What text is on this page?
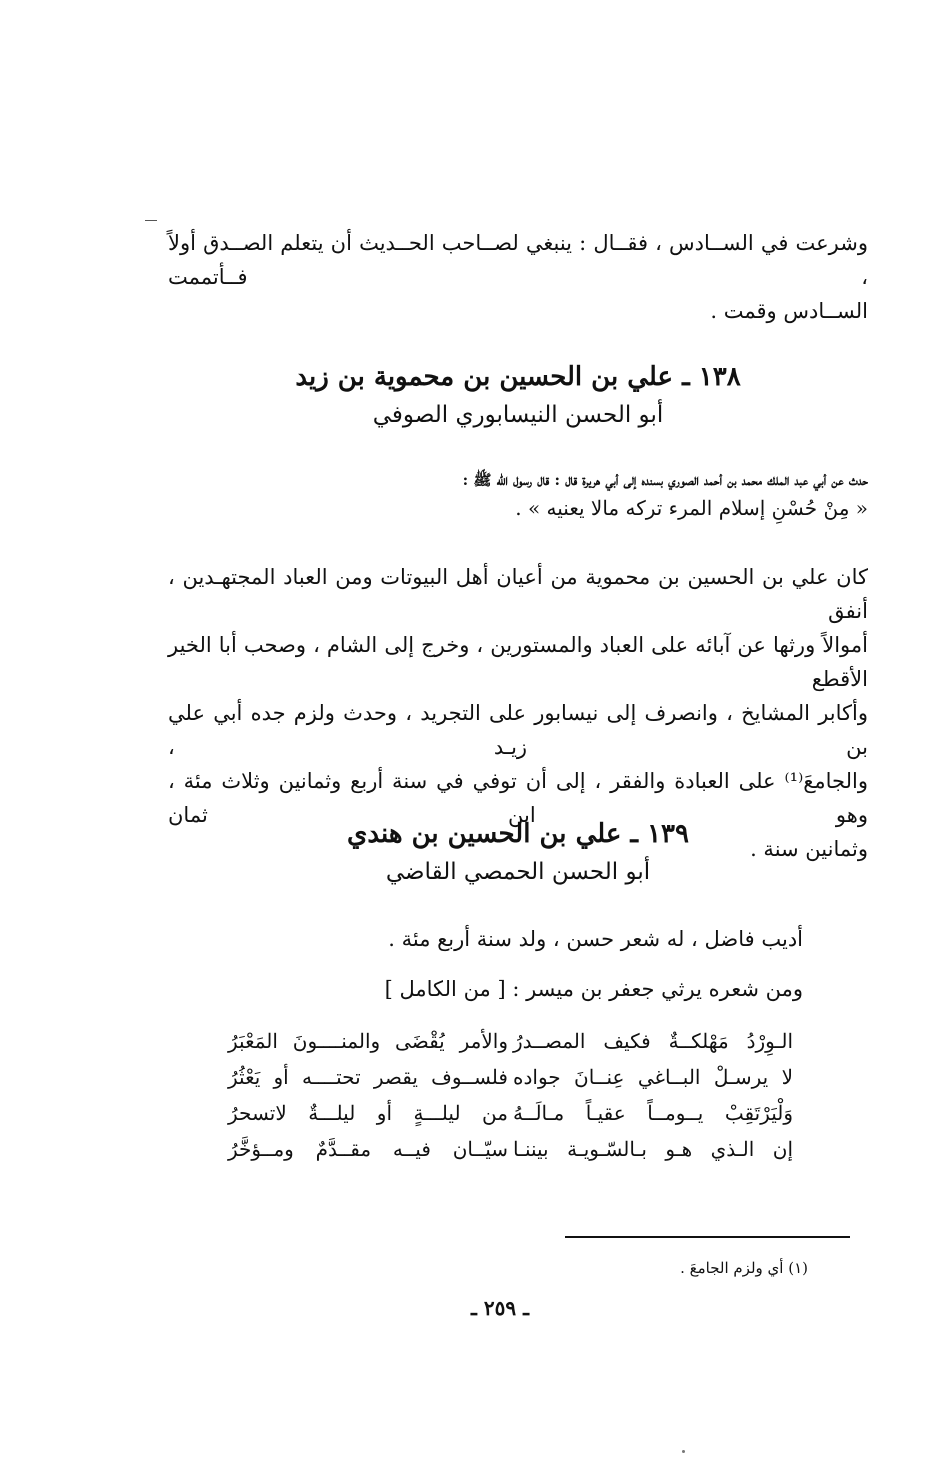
وشرعت في الســادس ، فقــال : ينبغي لصــاحب الحــديث أن يتعلم الصــدق أولاً ، فــأتممت

الســادس وقمت .

١٣٨ ـ علي بن الحسين بن محموية بن زيد

أبو الحسن النيسابوري الصوفي

حدث عن أبي عبد الملك محمد بن أحمد الصوري بسنده إلى أبي هريرة قال : قال رسول الله ﷺ :

« مِنْ حُسْنِ إسلام المرء تركه مالا يعنيه » .

كان علي بن الحسين بن محموية من أعيان أهل البيوتات ومن العباد المجتهـدين ، أنفق

أموالاً ورثها عن آبائه على العباد والمستورين ، وخرج إلى الشام ، وصحب أبا الخير الأقطع

وأكابر المشايخ ، وانصرف إلى نيسابور على التجريد ، وحدث ولزم جده أبي علي بن زيـد ،

والجامعَ⁽¹⁾ على العبادة والفقر ، إلى أن توفي في سنة أربع وثمانين وثلاث مئة ، وهو ابن ثمان

وثمانين سنة .

١٣٩ ـ علي بن الحسين بن هندي

أبو الحسن الحمصي القاضي

أديب فاضل ، له شعر حسن ، ولد سنة أربع مئة .

ومن شعره يرثي جعفر بن ميسر : [ من الكامل ]

الـوِرْدُ مَهْلكــةٌ فكيف المصــدرُ
والأمر يُقْضَى والمنــــونَ المَعْبَرُ
لا يرسـلْ البــاغي عِنــانَ جواده
فلســوف يقصر تحتــــه أو يَعْثُرُ
وَلْيَرْتَقِبْ يــومــاً عقيـاً مـالَــهُ
من ليلـــةٍ أو ليلـــةٌ لاتسحرُ
إن الـذي هـو بـالسّـويـة بيننـا
سيّــان فيــه مقــدَّمٌ ومــؤخَّرُ
(١) أي ولزم الجامعَ .
ـ ٢٥٩ ـ
